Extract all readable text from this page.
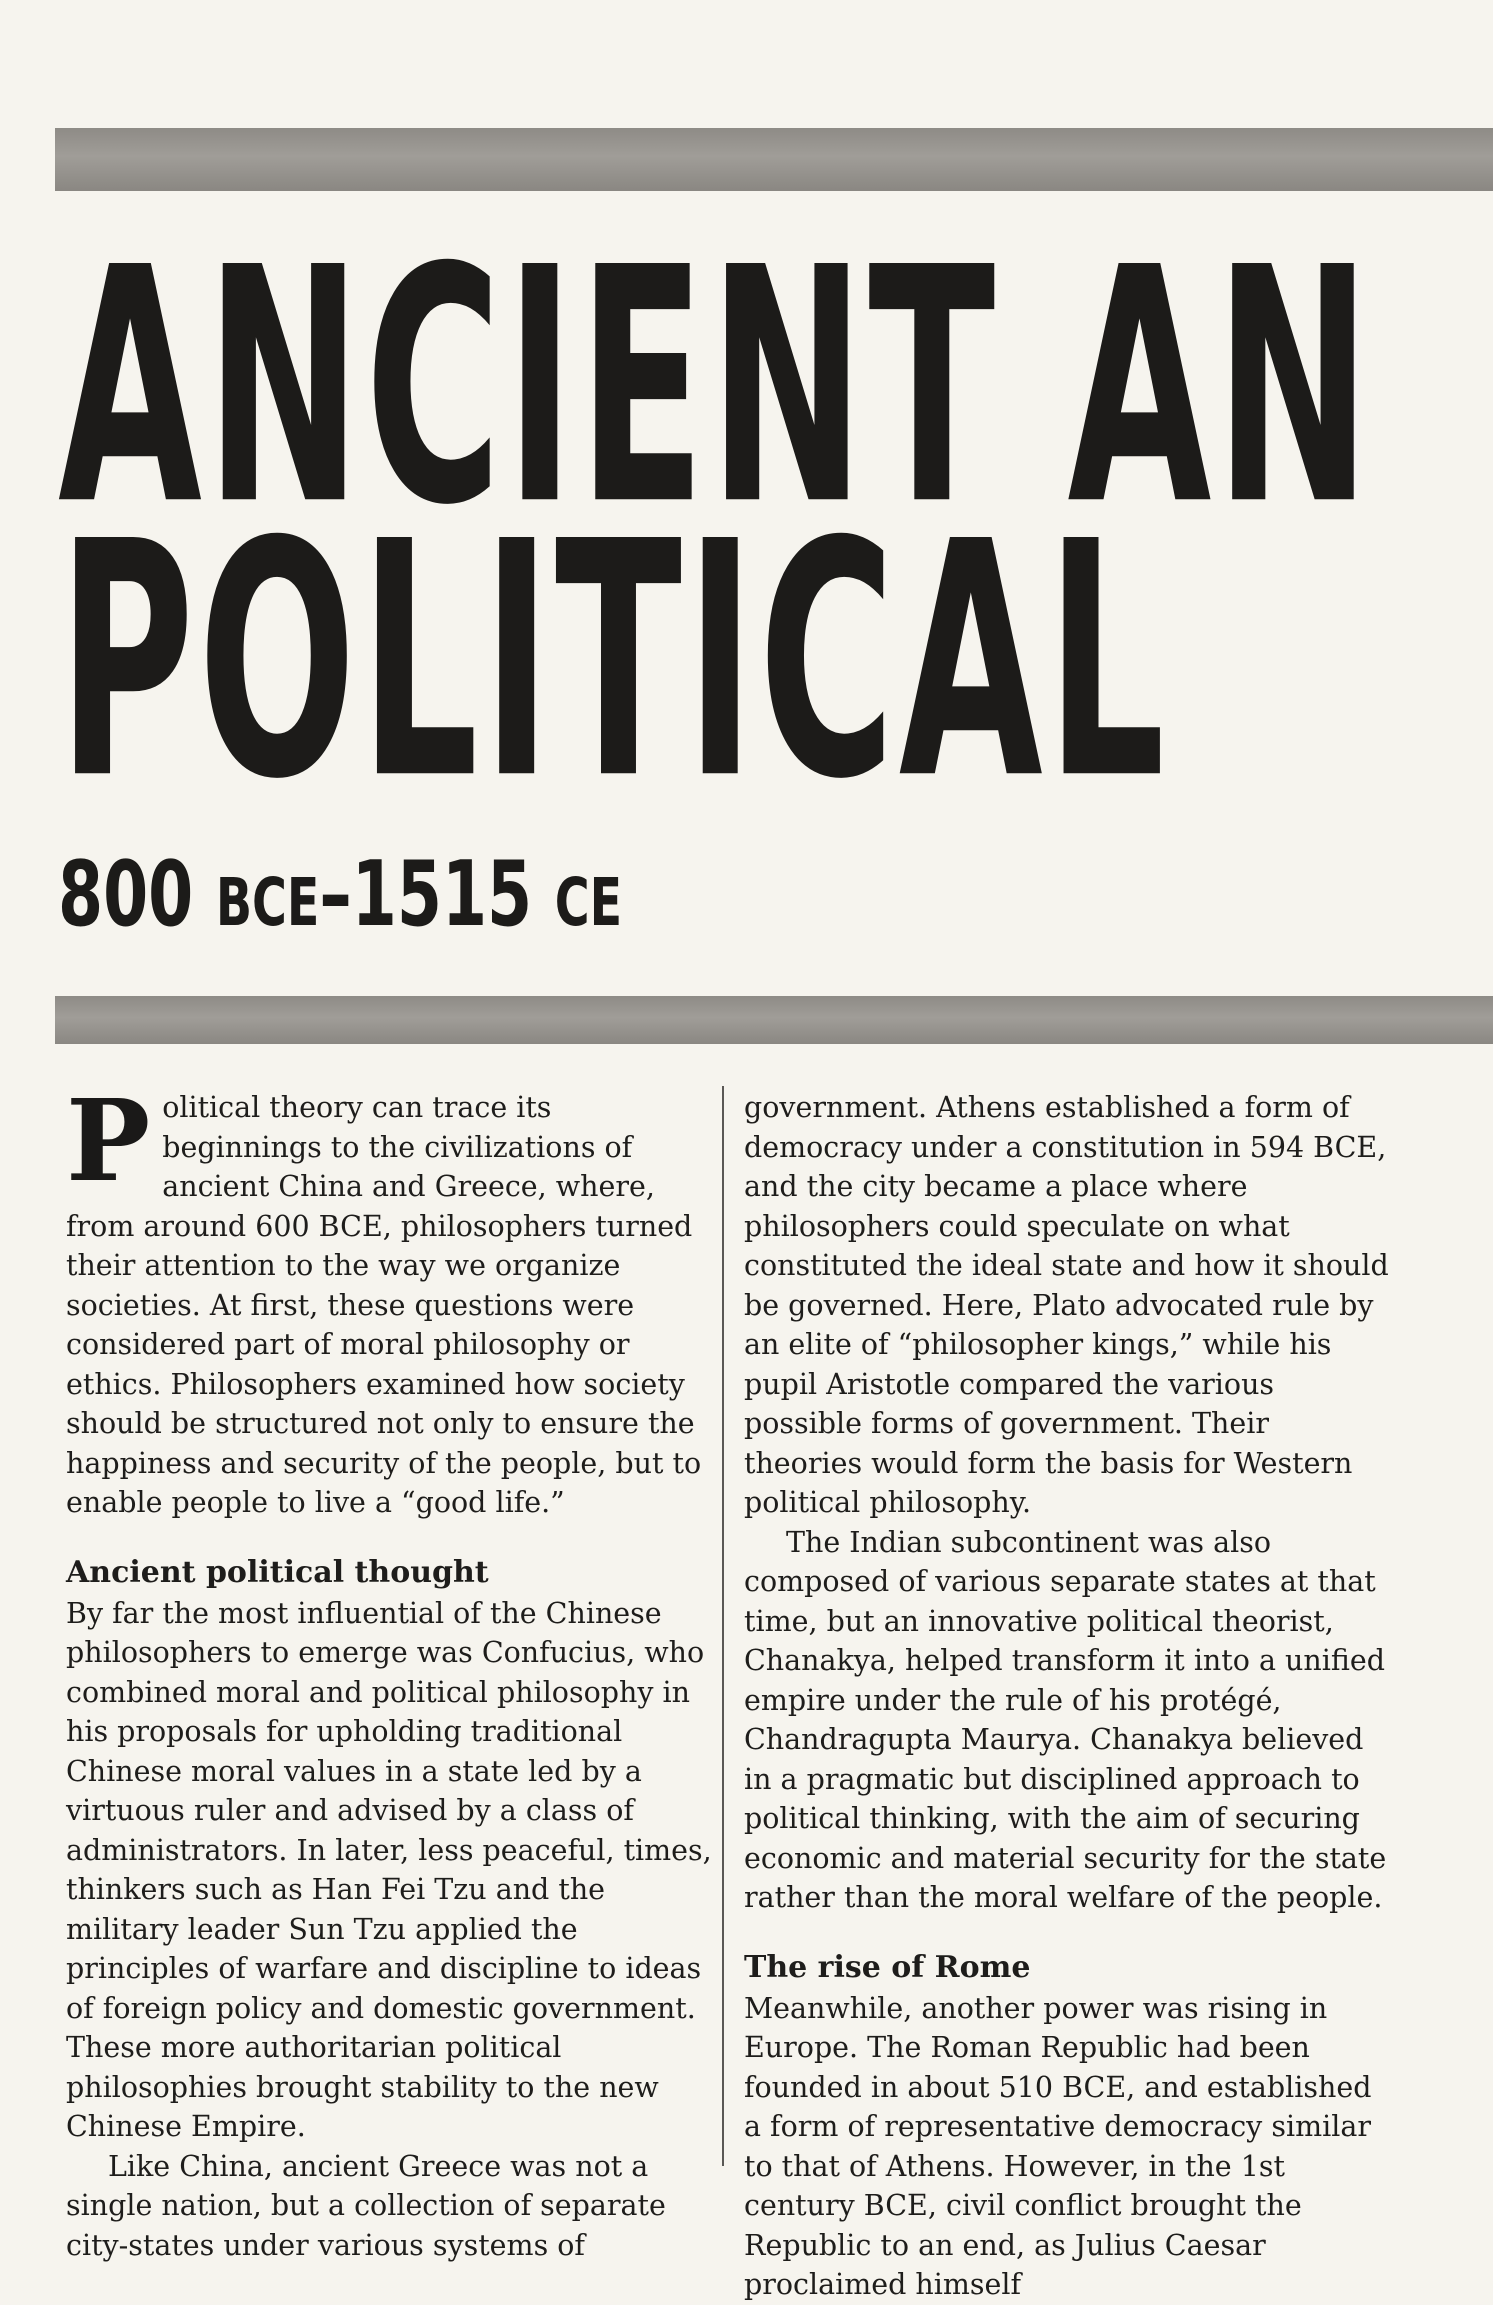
ANCIENT AN
POLITICAL
800 BCE–1515 CE

Political theory can trace its beginnings to the civilizations of ancient China and Greece, where, from around 600 BCE, philosophers turned their attention to the way we organize societies. At first, these questions were considered part of moral philosophy or ethics. Philosophers examined how society should be structured not only to ensure the happiness and security of the people, but to enable people to live a “good life.”

Ancient political thought

By far the most influential of the Chinese philosophers to emerge was Confucius, who combined moral and political philosophy in his proposals for upholding traditional Chinese moral values in a state led by a virtuous ruler and advised by a class of administrators. In later, less peaceful, times, thinkers such as Han Fei Tzu and the military leader Sun Tzu applied the principles of warfare and discipline to ideas of foreign policy and domestic government. These more authoritarian political philosophies brought stability to the new Chinese Empire.

Like China, ancient Greece was not a single nation, but a collection of separate city-states under various systems of

government. Athens established a form of democracy under a constitution in 594 BCE, and the city became a place where philosophers could speculate on what constituted the ideal state and how it should be governed. Here, Plato advocated rule by an elite of “philosopher kings,” while his pupil Aristotle compared the various possible forms of government. Their theories would form the basis for Western political philosophy.

The Indian subcontinent was also composed of various separate states at that time, but an innovative political theorist, Chanakya, helped transform it into a unified empire under the rule of his protégé, Chandragupta Maurya. Chanakya believed in a pragmatic but disciplined approach to political thinking, with the aim of securing economic and material security for the state rather than the moral welfare of the people.

The rise of Rome

Meanwhile, another power was rising in Europe. The Roman Republic had been founded in about 510 BCE, and established a form of representative democracy similar to that of Athens. However, in the 1st century BCE, civil conflict brought the Republic to an end, as Julius Caesar proclaimed himself
